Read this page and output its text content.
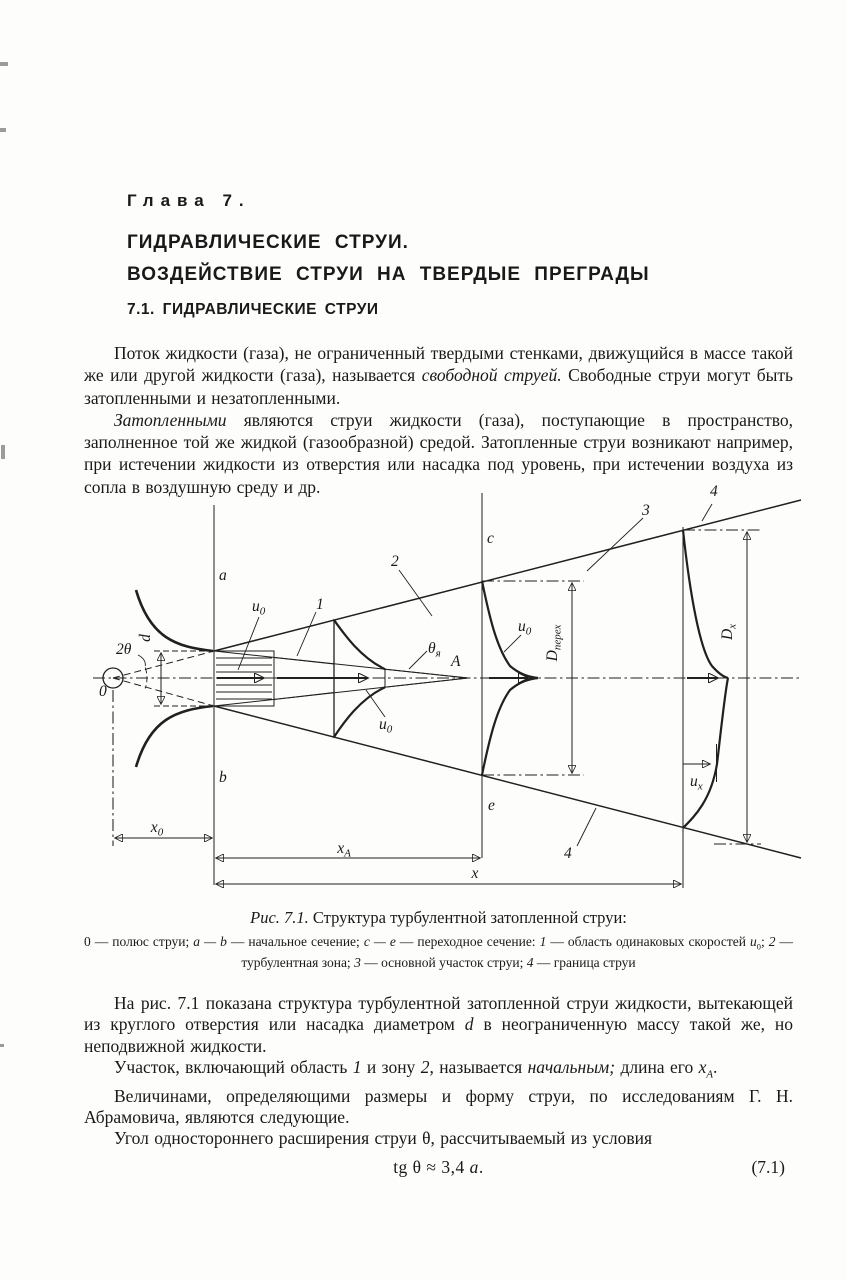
Глава 7.
ГИДРАВЛИЧЕСКИЕ СТРУИ.
ВОЗДЕЙСТВИЕ СТРУИ НА ТВЕРДЫЕ ПРЕГРАДЫ
7.1. ГИДРАВЛИЧЕСКИЕ СТРУИ

Поток жидкости (газа), не ограниченный твердыми стенками, движущийся в массе такой же или другой жидкости (газа), называется свободной струей. Свободные струи могут быть затопленными и незатопленными.

Затопленными являются струи жидкости (газа), поступающие в пространство, заполненное той же жидкой (газообразной) средой. Затопленные струи возникают например, при истечении жидкости из отверстия или насадка под уровень, при истечении воздуха из сопла в воздушную среду и др.

0
2θ
d
а
b
с
е
А
1
2
3
4
4
$u_0$
$u_0$
$u_0$
$\theta_я$	$D_{перех}$	$D_x$
$u_x$
$x_0$
$x_A$
x
Рис. 7.1. Структура турбулентной затопленной струи:
0 — полюс струи; а — b — начальное сечение; с — е — переходное сечение: 1 — область одинаковых скоростей $u_0$; 2 — турбулентная зона; 3 — основной участок струи; 4 — граница струи

На рис. 7.1 показана структура турбулентной затопленной струи жидкости, вытекающей из круглого отверстия или насадка диаметром d в неограниченную массу такой же, но неподвижной жидкости.

Участок, включающий область 1 и зону 2, называется начальным; длина его $x_A$.

Величинами, определяющими размеры и форму струи, по исследованиям Г. Н. Абрамовича, являются следующие.

Угол одностороннего расширения струи θ, рассчитываемый из условия

tg θ ≈ 3,4 a.	(7.1)
